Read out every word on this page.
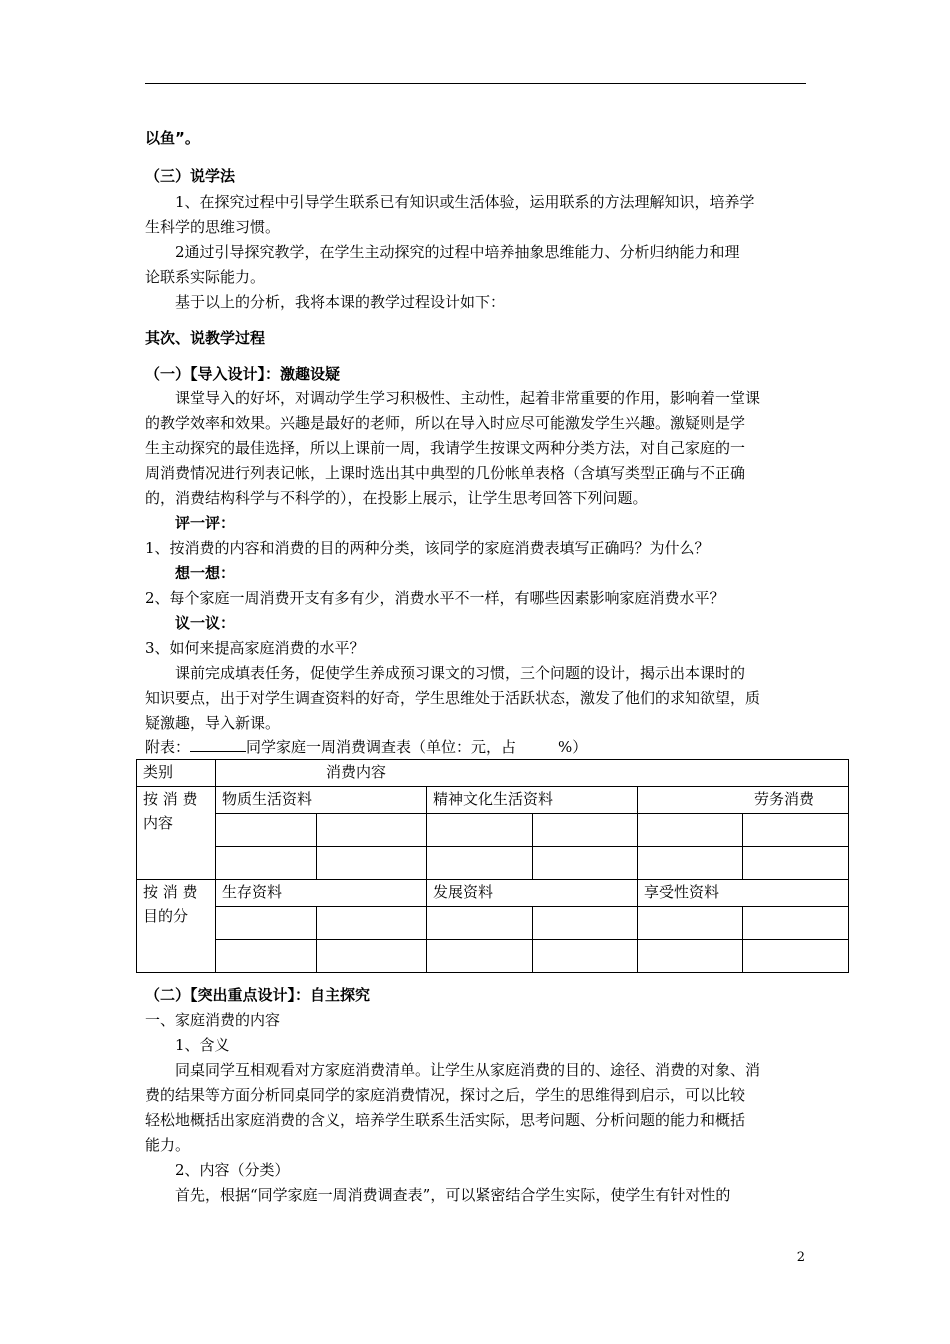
以鱼”。
（三）说学法
1、在探究过程中引导学生联系已有知识或生活体验，运用联系的方法理解知识，培养学
生科学的思维习惯。
2通过引导探究教学，在学生主动探究的过程中培养抽象思维能力、分析归纳能力和理
论联系实际能力。
基于以上的分析，我将本课的教学过程设计如下：
其次、说教学过程
（一）【导入设计】：激趣设疑
课堂导入的好坏，对调动学生学习积极性、主动性，起着非常重要的作用，影响着一堂课
的教学效率和效果。兴趣是最好的老师，所以在导入时应尽可能激发学生兴趣。激疑则是学
生主动探究的最佳选择，所以上课前一周，我请学生按课文两种分类方法，对自己家庭的一
周消费情况进行列表记帐，上课时选出其中典型的几份帐单表格（含填写类型正确与不正确
的，消费结构科学与不科学的），在投影上展示，让学生思考回答下列问题。
评一评：
1、按消费的内容和消费的目的两种分类，该同学的家庭消费表填写正确吗？为什么？
想一想：
2、每个家庭一周消费开支有多有少，消费水平不一样，有哪些因素影响家庭消费水平？
议一议：
3、如何来提高家庭消费的水平？
课前完成填表任务，促使学生养成预习课文的习惯，三个问题的设计，揭示出本课时的
知识要点，出于对学生调查资料的好奇，学生思维处于活跃状态，激发了他们的求知欲望，质
疑激趣，导入新课。
附表：	同学家庭一周消费调查表（单位：元，占	%）
类别	消费内容					
按 消 费 内容	物质生活资料		精神文化生活资料		劳务消费	

按 消 费 目的分	生存资料		发展资料		享受性资料	

（二）【突出重点设计】：自主探究
一、家庭消费的内容
1、含义
同桌同学互相观看对方家庭消费清单。让学生从家庭消费的目的、途径、消费的对象、消
费的结果等方面分析同桌同学的家庭消费情况，探讨之后，学生的思维得到启示，可以比较
轻松地概括出家庭消费的含义，培养学生联系生活实际，思考问题、分析问题的能力和概括
能力。
2、内容（分类）
首先，根据“同学家庭一周消费调查表”，可以紧密结合学生实际，使学生有针对性的
2
